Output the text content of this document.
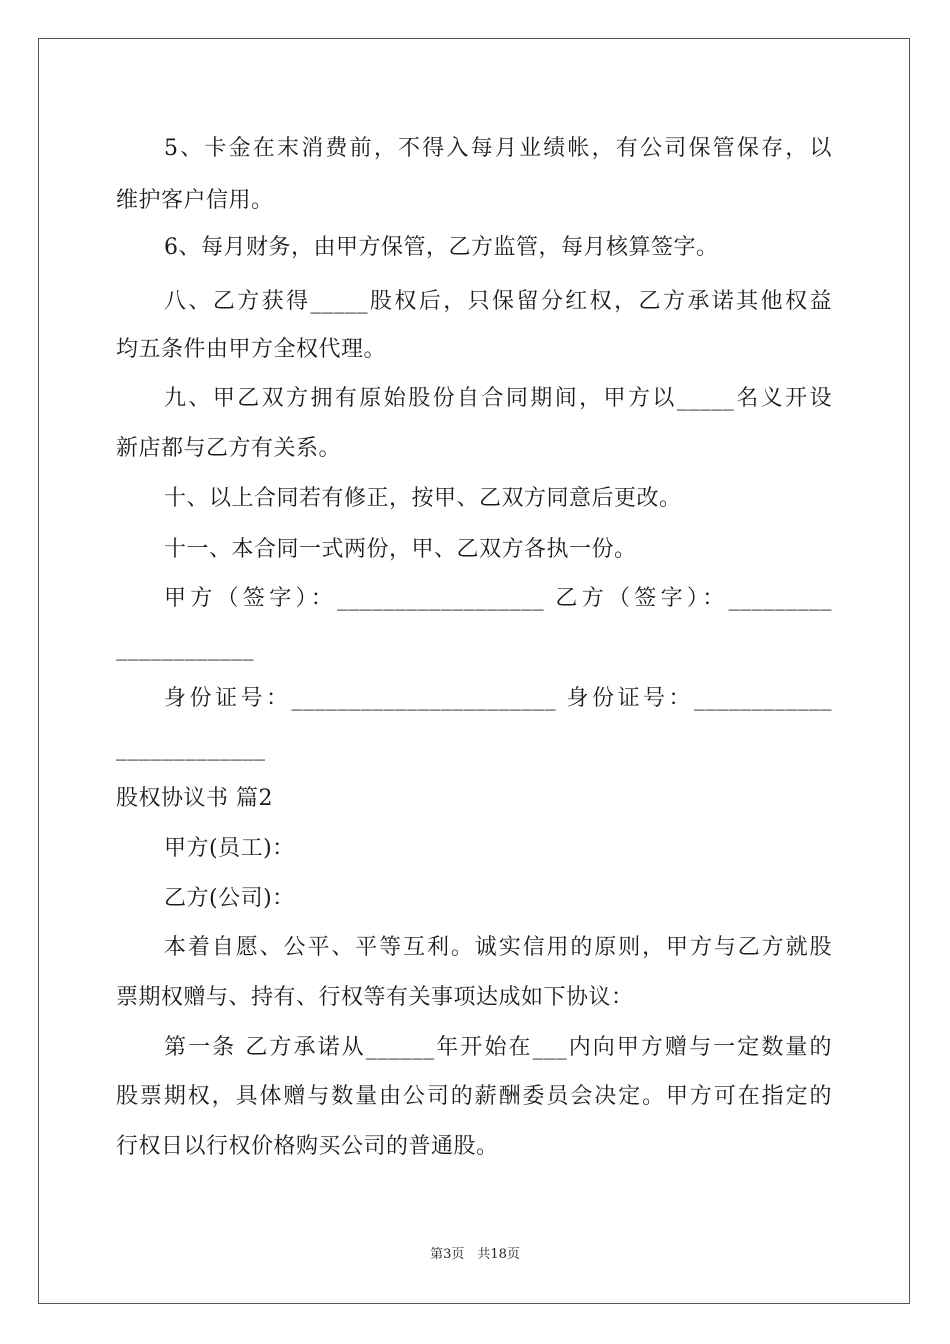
5、卡金在末消费前，不得入每月业绩帐，有公司保管保存，以
维护客户信用。
6、每月财务，由甲方保管，乙方监管，每月核算签字。
八、乙方获得_____股权后，只保留分红权，乙方承诺其他权益
均五条件由甲方全权代理。
九、甲乙双方拥有原始股份自合同期间，甲方以_____名义开设
新店都与乙方有关系。
十、以上合同若有修正，按甲、乙双方同意后更改。
十一、本合同一式两份，甲、乙双方各执一份。
甲方（签字）：__________________ 乙方（签字）：_________
____________
身份证号：_______________________ 身份证号：____________
_____________
股权协议书 篇2
甲方(员工)：
乙方(公司)：
本着自愿、公平、平等互利。诚实信用的原则，甲方与乙方就股
票期权赠与、持有、行权等有关事项达成如下协议：
第一条 乙方承诺从______年开始在___内向甲方赠与一定数量的
股票期权，具体赠与数量由公司的薪酬委员会决定。甲方可在指定的
行权日以行权价格购买公司的普通股。
第3页　共18页
